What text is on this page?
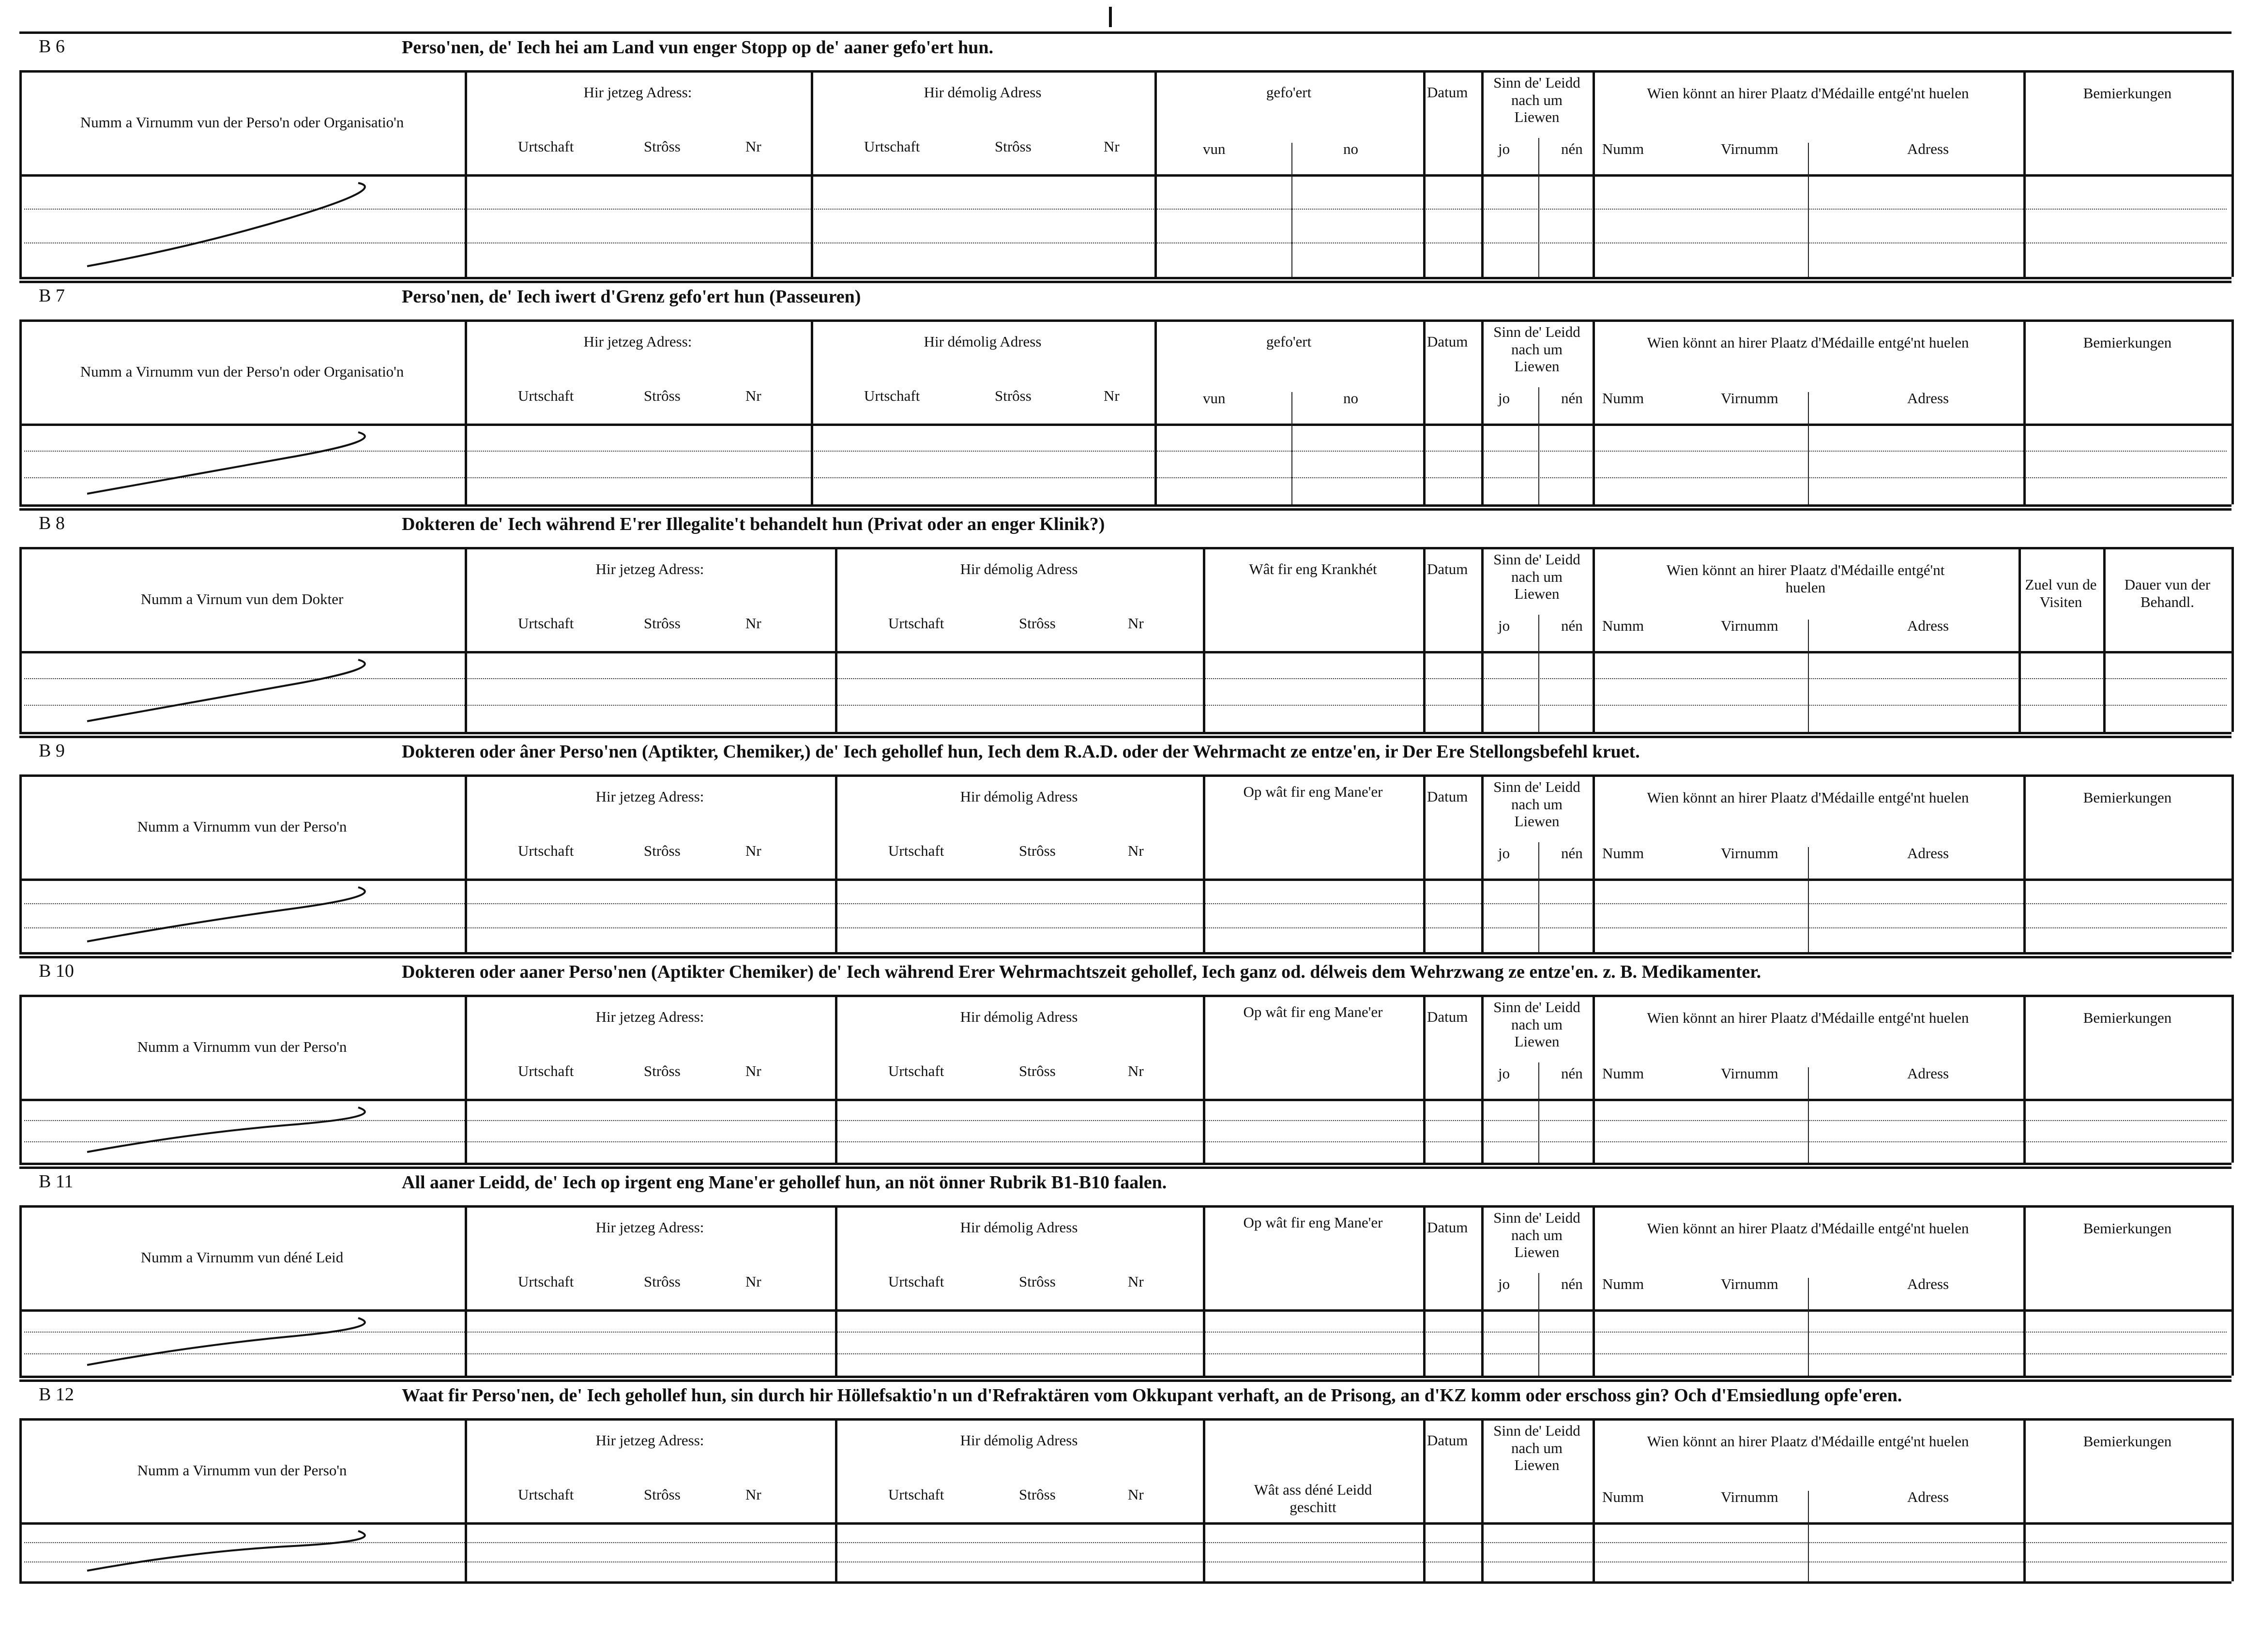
B 6	Perso'nen, de' Iech hei am Land vun enger Stopp op de' aaner gefo'ert hun.
Numm a Virnumm vun der Perso'n oder Organisatio'n
Hir jetzeg Adress:	Hir démolig Adress
Urtschaft	Strôss	Nr	Urtschaft	Strôss	Nr
gefo'ert
vun	no
Datum
Sinn de' Leidd nach um Liewen
jo	nén
Wien könnt an hirer Plaatz d'Médaille entgé'nt huelen
Numm	Virnumm	Adress
Bemierkungen
B 7	Perso'nen, de' Iech iwert d'Grenz gefo'ert hun (Passeuren)
Numm a Virnumm vun der Perso'n oder Organisatio'n
Hir jetzeg Adress:	Hir démolig Adress
Urtschaft	Strôss	Nr	Urtschaft	Strôss	Nr
gefo'ert
vun	no
Datum
Sinn de' Leidd nach um Liewen
jo	nén
Wien könnt an hirer Plaatz d'Médaille entgé'nt huelen
Numm	Virnumm	Adress
Bemierkungen
B 8	Dokteren de' Iech während E'rer Illegalite't behandelt hun (Privat oder an enger Klinik?)
Numm a Virnum vun dem Dokter
Hir jetzeg Adress:	Hir démolig Adress
Urtschaft	Strôss	Nr	Urtschaft	Strôss	Nr
Wât fir eng Krankhét	Datum
Sinn de' Leidd nach um Liewen
jo	nén
Wien könnt an hirer Plaatz d'Médaille entgé'nt huelen
Numm	Virnumm	Adress
Zuel vun de Visiten
Dauer vun der Behandl.
B 9	Dokteren oder âner Perso'nen (Aptikter, Chemiker,) de' Iech gehollef hun, Iech dem R.A.D. oder der Wehrmacht ze entze'en, ir Der Ere Stellongsbefehl kruet.
Numm a Virnumm vun der Perso'n
Hir jetzeg Adress:	Hir démolig Adress
Urtschaft	Strôss	Nr	Urtschaft	Strôss	Nr
Op wât fir eng Mane'er	Datum
Sinn de' Leidd nach um Liewen
jo	nén
Wien könnt an hirer Plaatz d'Médaille entgé'nt huelen
Numm	Virnumm	Adress
Bemierkungen
B 10	Dokteren oder aaner Perso'nen (Aptikter Chemiker) de' Iech während Erer Wehrmachtszeit gehollef, Iech ganz od. délweis dem Wehrzwang ze entze'en. z. B. Medikamenter.
Numm a Virnumm vun der Perso'n
Hir jetzeg Adress:	Hir démolig Adress
Urtschaft	Strôss	Nr	Urtschaft	Strôss	Nr
Op wât fir eng Mane'er	Datum
Sinn de' Leidd nach um Liewen
jo	nén
Wien könnt an hirer Plaatz d'Médaille entgé'nt huelen
Numm	Virnumm	Adress
Bemierkungen
B 11	All aaner Leidd, de' Iech op irgent eng Mane'er gehollef hun, an nöt önner Rubrik B1-B10 faalen.
Numm a Virnumm vun déné Leid
Hir jetzeg Adress:	Hir démolig Adress
Urtschaft	Strôss	Nr	Urtschaft	Strôss	Nr
Op wât fir eng Mane'er	Datum
Sinn de' Leidd nach um Liewen
jo	nén
Wien könnt an hirer Plaatz d'Médaille entgé'nt huelen
Numm	Virnumm	Adress
Bemierkungen
B 12	Waat fir Perso'nen, de' Iech gehollef hun, sin durch hir Höllefsaktio'n un d'Refraktären vom Okkupant verhaft, an de Prisong, an d'KZ komm oder erschoss gin? Och d'Emsiedlung opfe'eren.
Numm a Virnumm vun der Perso'n
Hir jetzeg Adress:	Hir démolig Adress
Urtschaft	Strôss	Nr	Urtschaft	Strôss	Nr	Wât ass déné Leidd geschitt
Datum
Sinn de' Leidd nach um Liewen
Wien könnt an hirer Plaatz d'Médaille entgé'nt huelen
Numm	Virnumm	Adress
Bemierkungen
